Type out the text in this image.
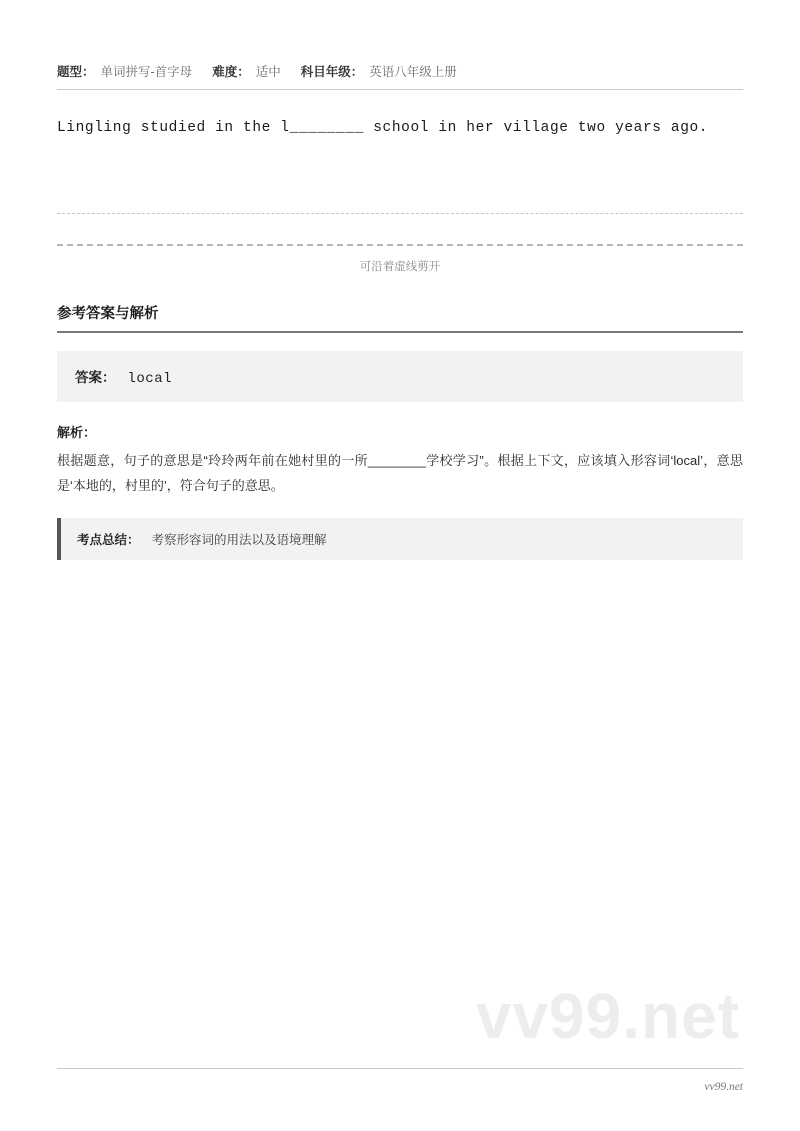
题型： 单词拼写-首字母 难度： 适中 科目年级： 英语八年级上册
Lingling studied in the l________ school in her village two years ago.
可沿着虚线剪开
参考答案与解析
答案： local
解析：
根据题意，句子的意思是“玲玲两年前在她村里的一所________学校学习”。根据上下文，应该填入形容词‘local’，意思是‘本地的，村里的’，符合句子的意思。
考点总结： 考察形容词的用法以及语境理解
vv99.net
vv99.net
